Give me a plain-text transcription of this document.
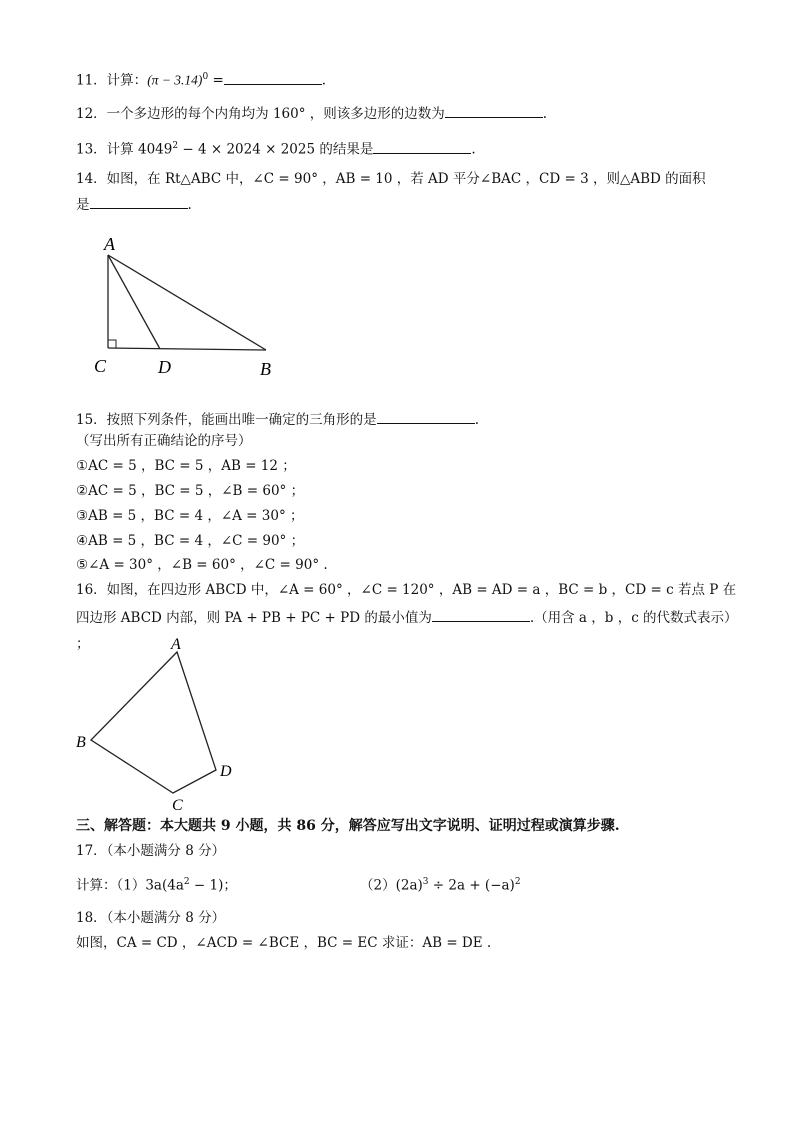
11．计算：$(\pi - 3.14)^0$ =	.
12．一个多边形的每个内角均为 160° ，则该多边形的边数为	.
13．计算 $4049^2 - 4 \times 2024 \times 2025$ 的结果是	.
14．如图，在 Rt△ABC 中，∠C = 90° ，AB = 10 ，若 AD 平分∠BAC ，CD = 3 ，则△ABD 的面积
是	.
A
C	D	B
15．按照下列条件，能画出唯一确定的三角形的是	.
（写出所有正确结论的序号）
①AC = 5 ，BC = 5 ，AB = 12 ；
②AC = 5 ，BC = 5 ，∠B = 60° ；
③AB = 5 ，BC = 4 ，∠A = 30° ；
④AB = 5 ，BC = 4 ，∠C = 90° ；
⑤∠A = 30° ，∠B = 60° ，∠C = 90° .
16．如图，在四边形 ABCD 中，∠A = 60° ，∠C = 120° ，AB = AD = a ，BC = b ，CD = c 若点 P 在
四边形 ABCD 内部，则 PA + PB + PC + PD 的最小值为	.（用含 a ，b ，c 的代数式表示）
；	A
B
C
D
三、解答题：本大题共 9 小题，共 86 分，解答应写出文字说明、证明过程或演算步骤.
17．（本小题满分 8 分）
计算：$(1)3a(4a^2 - 1)$；	$(2)(2a)^3 \div 2a + (-a)^2$
18．（本小题满分 8 分）
如图，CA = CD ，∠ACD = ∠BCE ，BC = EC 求证：AB = DE .
